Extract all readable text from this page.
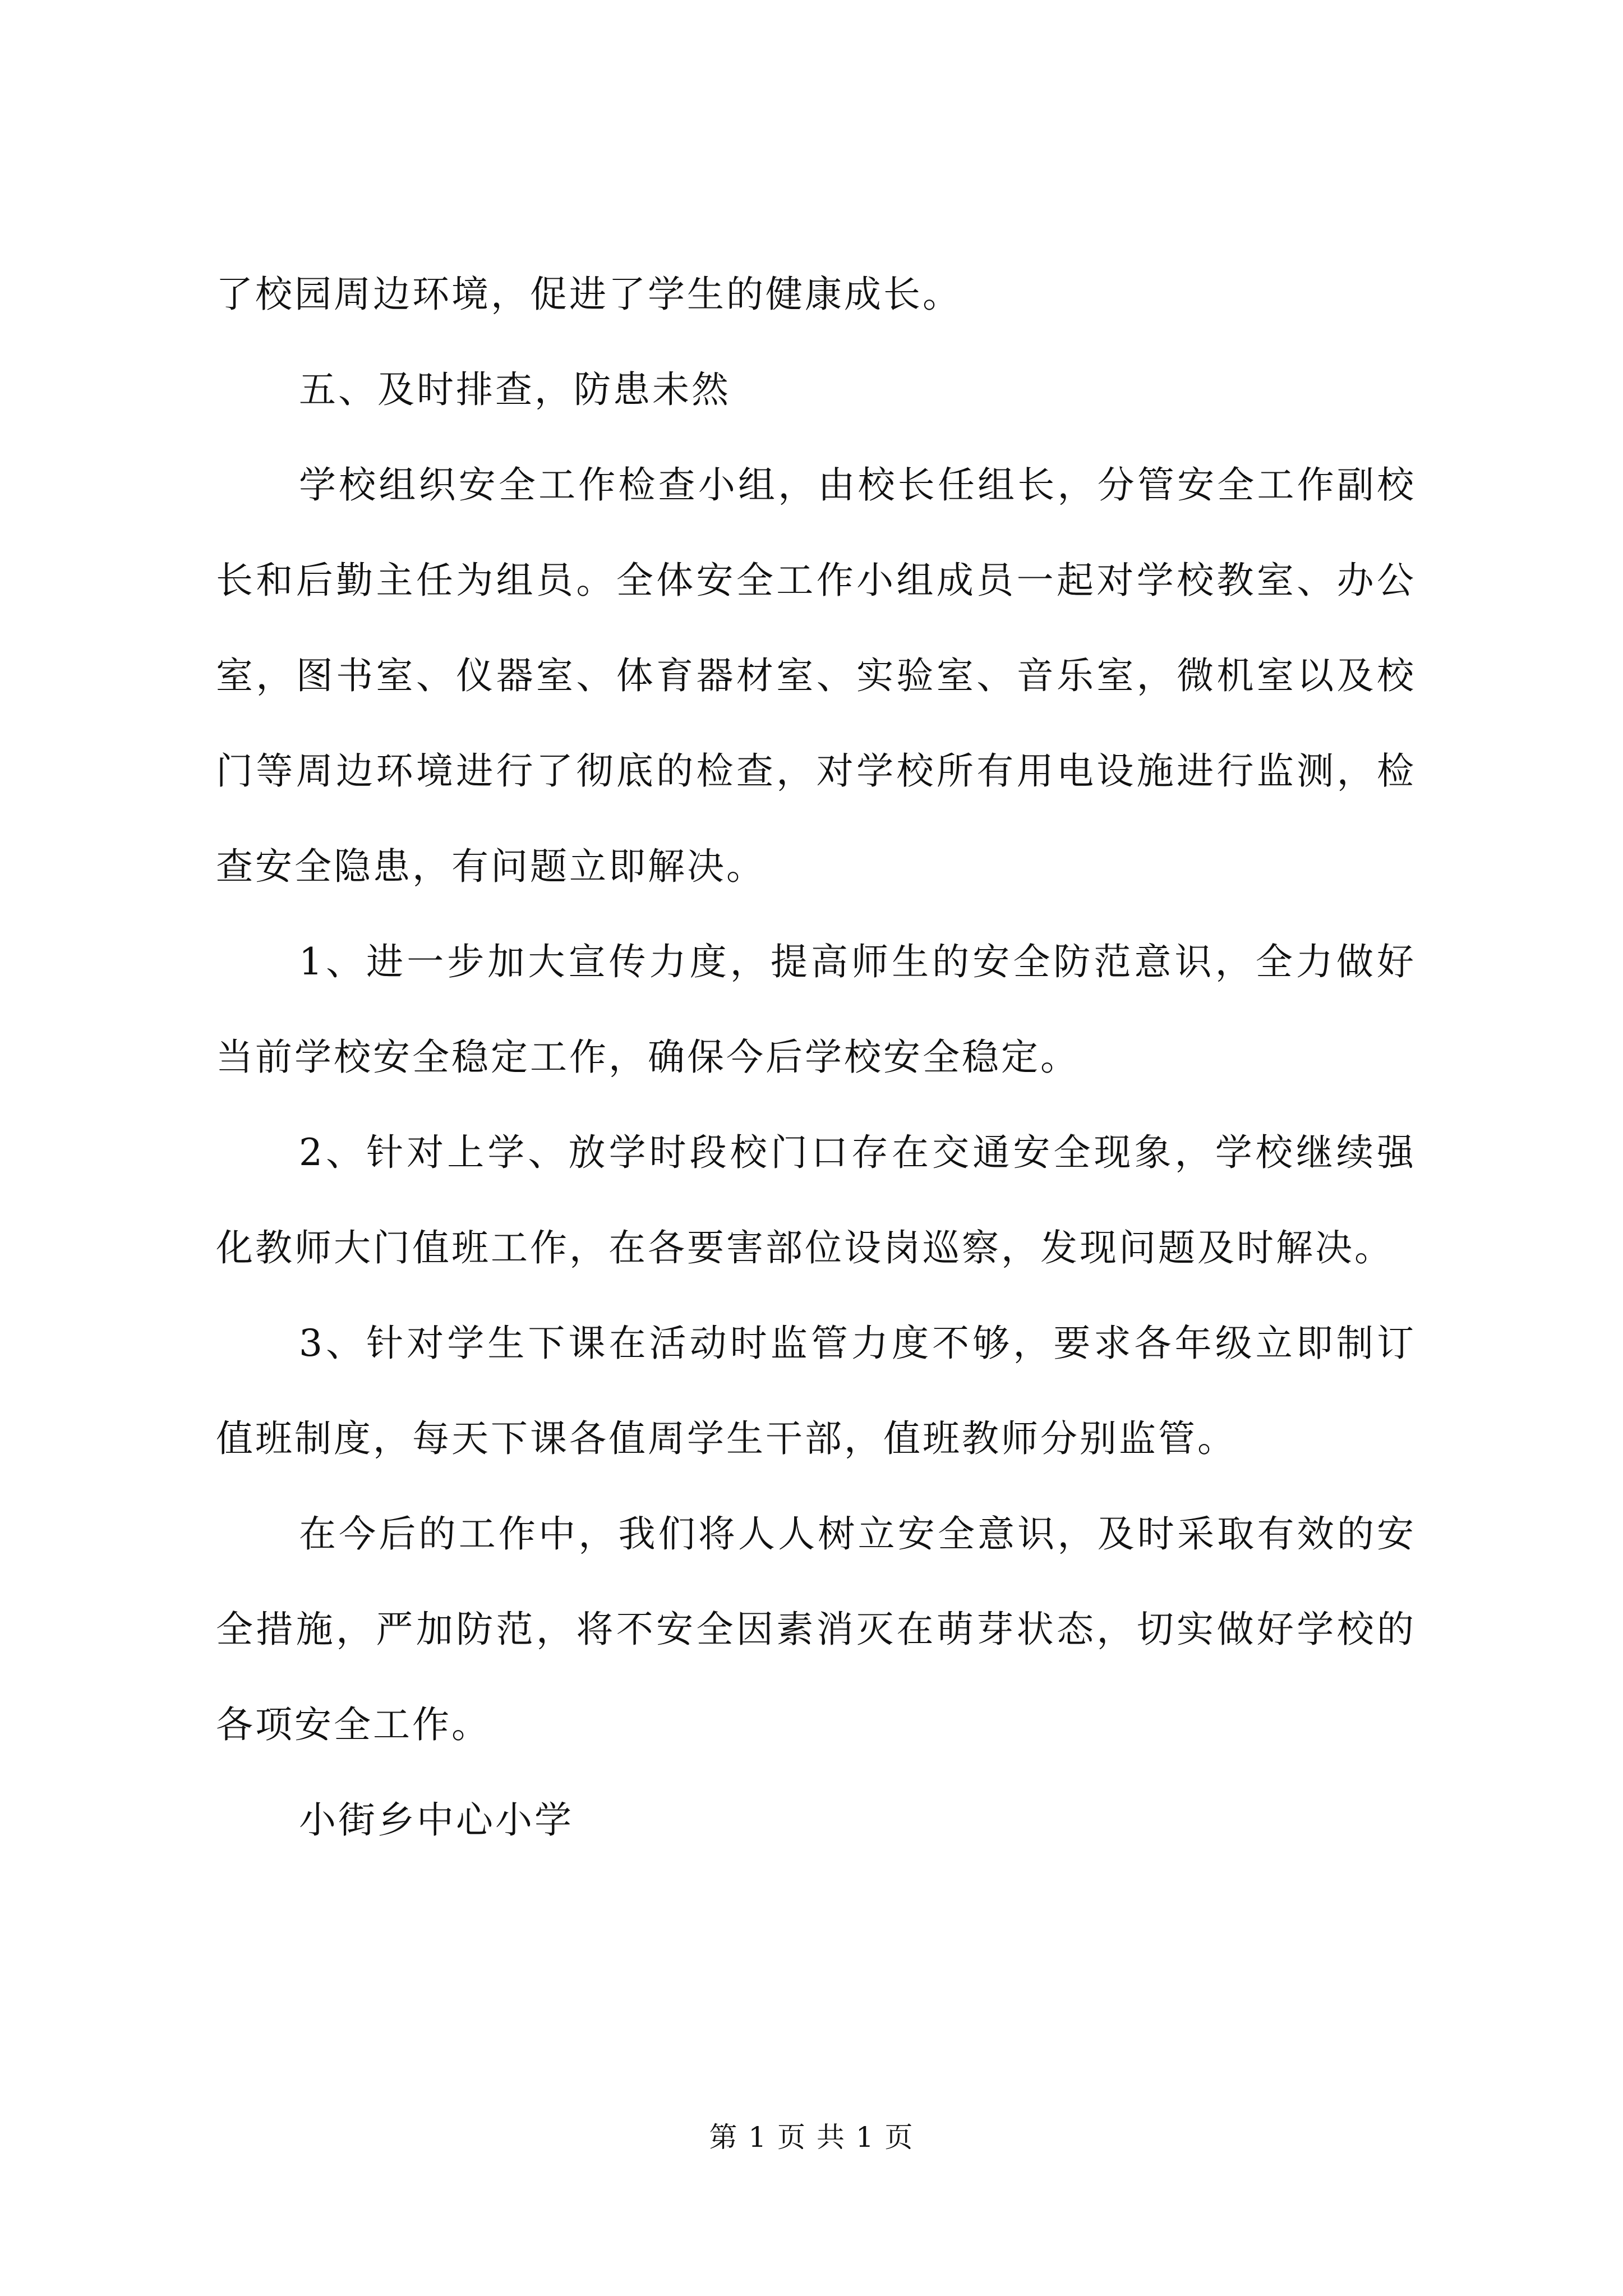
了校园周边环境，促进了学生的健康成长。

五、及时排查，防患未然

学校组织安全工作检查小组，由校长任组长，分管安全工作副校长和后勤主任为组员。全体安全工作小组成员一起对学校教室、办公室，图书室、仪器室、体育器材室、实验室、音乐室，微机室以及校门等周边环境进行了彻底的检查，对学校所有用电设施进行监测，检查安全隐患，有问题立即解决。

1、进一步加大宣传力度，提高师生的安全防范意识，全力做好当前学校安全稳定工作，确保今后学校安全稳定。

2、针对上学、放学时段校门口存在交通安全现象，学校继续强化教师大门值班工作，在各要害部位设岗巡察，发现问题及时解决。

3、针对学生下课在活动时监管力度不够，要求各年级立即制订值班制度，每天下课各值周学生干部，值班教师分别监管。

在今后的工作中，我们将人人树立安全意识，及时采取有效的安全措施，严加防范，将不安全因素消灭在萌芽状态，切实做好学校的各项安全工作。

小街乡中心小学

第 1 页 共 1 页
